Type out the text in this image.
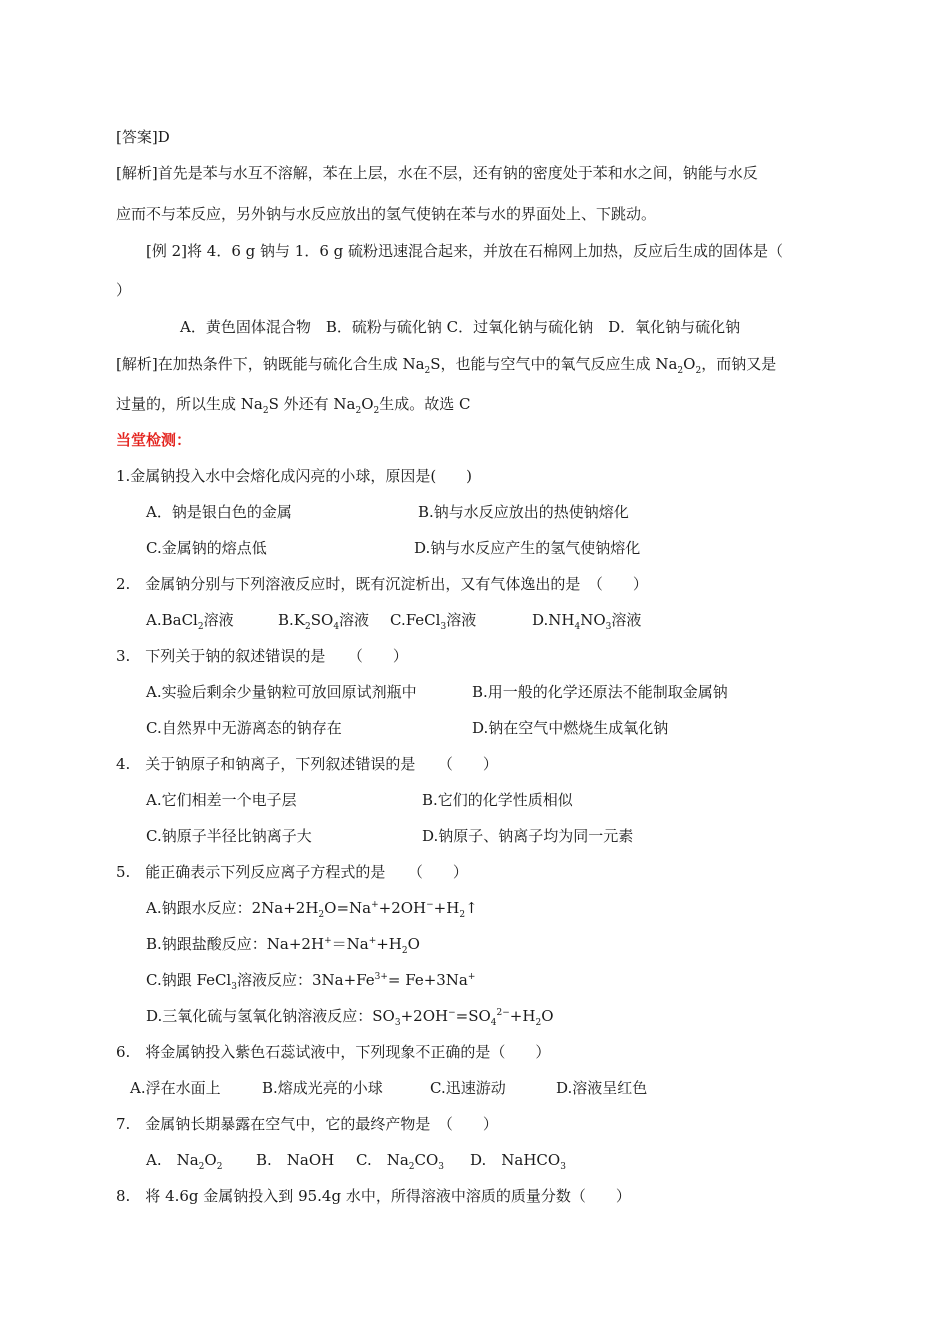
[答案]D
[解析]首先是苯与水互不溶解，苯在上层，水在不层，还有钠的密度处于苯和水之间，钠能与水反
应而不与苯反应，另外钠与水反应放出的氢气使钠在苯与水的界面处上、下跳动。
[例 2]将 4．6 g 钠与 1．6 g 硫粉迅速混合起来，并放在石棉网上加热，反应后生成的固体是（
）
A．黄色固体混合物　B．硫粉与硫化钠 C．过氧化钠与硫化钠　D．氧化钠与硫化钠
[解析]在加热条件下，钠既能与硫化合生成 $Na_2S$，也能与空气中的氧气反应生成 $Na_2O_2$，而钠又是
过量的，所以生成 $Na_2S$ 外还有 $Na_2O_2$生成。故选 C
当堂检测：
1.金属钠投入水中会熔化成闪亮的小球，原因是(　　)
A．钠是银白色的金属	B.钠与水反应放出的热使钠熔化
C.金属钠的熔点低	D.钠与水反应产生的氢气使钠熔化
2.　金属钠分别与下列溶液反应时，既有沉淀析出，又有气体逸出的是　（　　）
A.BaCl$_2$溶液	$B.K_2SO_4$溶液 C.FeCl$_3$溶液	$D.NH_4NO_3$溶液
3.　下列关于钠的叙述错误的是　　（　　）
A.实验后剩余少量钠粒可放回原试剂瓶中	B.用一般的化学还原法不能制取金属钠
C.自然界中无游离态的钠存在	D.钠在空气中燃烧生成氧化钠
4.　关于钠原子和钠离子，下列叙述错误的是　　（　　）
A.它们相差一个电子层	B.它们的化学性质相似
C.钠原子半径比钠离子大	D.钠原子、钠离子均为同一元素
5.　能正确表示下列反应离子方程式的是　　（　　）
A.钠跟水反应：$2Na+2H_2O=Na^++2OH^-+H_2↑$
B.钠跟盐酸反应：$Na+2H^+=Na^++H_2O$
C.钠跟 FeCl$_3$溶液反应：$3Na+Fe^{3+}= Fe+3Na^+$
D.三氧化硫与氢氧化钠溶液反应：$SO_3+2OH^-=SO_4^{2-}+H_2O$
6.　将金属钠投入紫色石蕊试液中，下列现象不正确的是（　　）
A.浮在水面上	B.熔成光亮的小球	C.迅速游动	D.溶液呈红色
7.　金属钠长期暴露在空气中，它的最终产物是　（　　）
A.　$Na_2O_2$ B.　NaOH C.　$Na_2CO_3$ D.　NaHCO$_3$
8.　将 4.6g 金属钠投入到 95.4g 水中，所得溶液中溶质的质量分数（　　）
